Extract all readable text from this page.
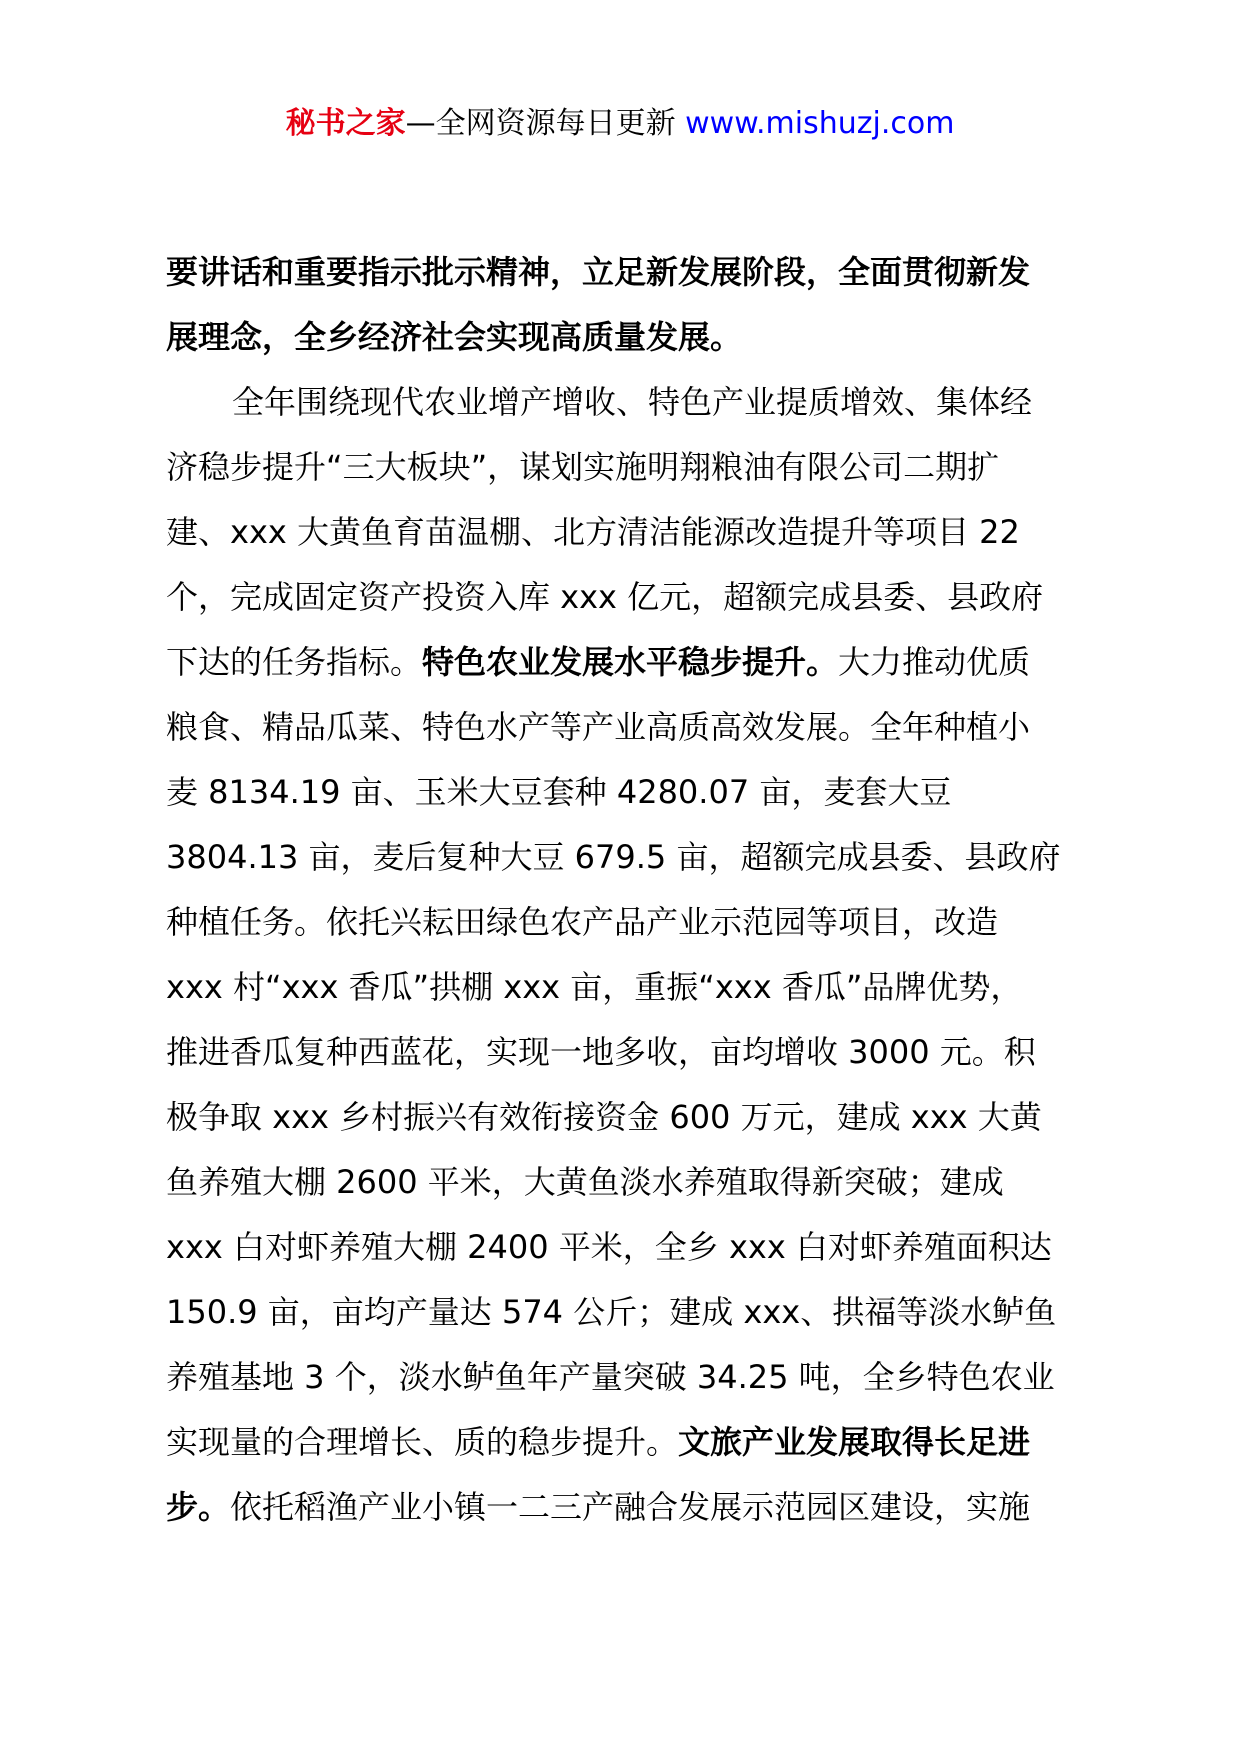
秘书之家—全网资源每日更新 www.mishuzj.com
要讲话和重要指示批示精神，立足新发展阶段，全面贯彻新发
展理念，全乡经济社会实现高质量发展。
全年围绕现代农业增产增收、特色产业提质增效、集体经
济稳步提升“三大板块”，谋划实施明翔粮油有限公司二期扩
建、xxx 大黄鱼育苗温棚、北方清洁能源改造提升等项目 22
个，完成固定资产投资入库 xxx 亿元，超额完成县委、县政府
下达的任务指标。特色农业发展水平稳步提升。大力推动优质
粮食、精品瓜菜、特色水产等产业高质高效发展。全年种植小
麦 8134.19 亩、玉米大豆套种 4280.07 亩，麦套大豆
3804.13 亩，麦后复种大豆 679.5 亩，超额完成县委、县政府
种植任务。依托兴耘田绿色农产品产业示范园等项目，改造
xxx 村“xxx 香瓜”拱棚 xxx 亩，重振“xxx 香瓜”品牌优势，
推进香瓜复种西蓝花，实现一地多收，亩均增收 3000 元。积
极争取 xxx 乡村振兴有效衔接资金 600 万元，建成 xxx 大黄
鱼养殖大棚 2600 平米，大黄鱼淡水养殖取得新突破；建成
xxx 白对虾养殖大棚 2400 平米，全乡 xxx 白对虾养殖面积达
150.9 亩，亩均产量达 574 公斤；建成 xxx、拱福等淡水鲈鱼
养殖基地 3 个，淡水鲈鱼年产量突破 34.25 吨，全乡特色农业
实现量的合理增长、质的稳步提升。文旅产业发展取得长足进
步。依托稻渔产业小镇一二三产融合发展示范园区建设，实施
